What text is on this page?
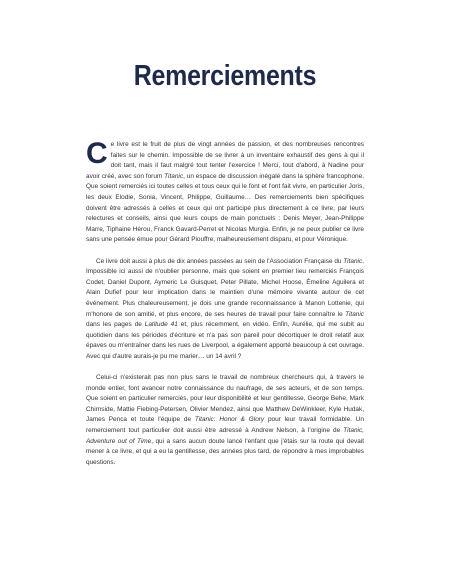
Remerciements

Ce livre est le fruit de plus de vingt années de passion, et des nombreuses rencontres faites sur le chemin. Impossible de se livrer à un inventaire exhaustif des gens à qui il doit tant, mais il faut malgré tout tenter l'exercice ! Merci, tout d'abord, à Nadine pour avoir créé, avec son forum Titanic, un espace de discussion inégalé dans la sphère francophone. Que soient remerciés ici toutes celles et tous ceux qui le font et l'ont fait vivre, en particulier Joris, les deux Elodie, Sonia, Vincent, Philippe, Guillaume… Des remerciements bien spécifiques doivent être adressés à celles et ceux qui ont participé plus directement à ce livre, par leurs relectures et conseils, ainsi que leurs coups de main ponctuels : Denis Meyer, Jean-Philippe Marre, Tiphaine Hérou, Franck Gavard-Perret et Nicolas Murgia. Enfin, je ne peux publier ce livre sans une pensée émue pour Gérard Piouffre, malheureusement disparu, et pour Véronique.

Ce livre doit aussi à plus de dix années passées au sein de l'Association Française du Titanic. Impossible ici aussi de n'oublier personne, mais que soient en premier lieu remerciés François Codet, Daniel Dupont, Aymeric Le Guisquet, Peter Pillate, Michel Hoose, Émeline Aguilera et Alain Dufief pour leur implication dans le maintien d'une mémoire vivante autour de cet événement. Plus chaleureusement, je dois une grande reconnaissance à Manon Lottenie, qui m'honore de son amitié, et plus encore, de ses heures de travail pour faire connaître le Titanic dans les pages de Latitude 41 et, plus récemment, en vidéo. Enfin, Aurélie, qui me subit au quotidien dans les périodes d'écriture et n'a pas son pareil pour décortiquer le droit relatif aux épaves ou m'entraîner dans les rues de Liverpool, a également apporté beaucoup à cet ouvrage. Avec qui d'autre aurais-je pu me marier… un 14 avril ?

Celui-ci n'existerait pas non plus sans le travail de nombreux chercheurs qui, à travers le monde entier, font avancer notre connaissance du naufrage, de ses acteurs, et de son temps. Que soient en particulier remerciés, pour leur disponibilité et leur gentillesse, George Behe, Mark Chirnside, Mattie Fiebing-Petersen, Olivier Mendez, ainsi que Matthew DeWinkleer, Kyle Hudak, James Penca et toute l'équipe de Titanic: Honor & Glory pour leur travail formidable. Un remerciement tout particulier doit aussi être adressé à Andrew Nelson, à l'origine de Titanic, Adventure out of Time, qui a sans aucun doute lancé l'enfant que j'étais sur la route qui devait mener à ce livre, et qui a eu la gentillesse, des années plus tard, de répondre à mes improbables questions.
